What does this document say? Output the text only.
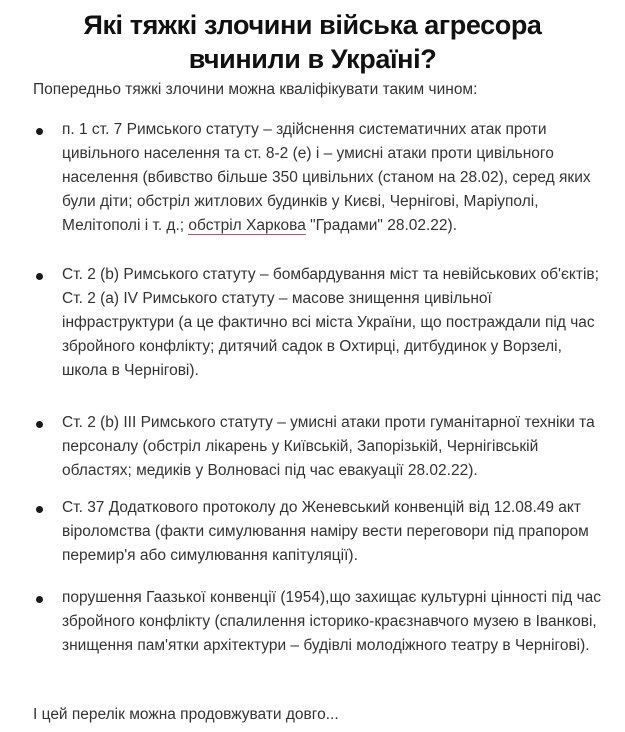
Які тяжкі злочини війська агресора вчинили в Україні?

Попередньо тяжкі злочини можна кваліфікувати таким чином:

п. 1 ст. 7 Римського статуту – здійснення систематичних атак проти цивільного населення та ст. 8-2 (е) і – умисні атаки проти цивільного населення (вбивство більше 350 цивільних (станом на 28.02), серед яких були діти; обстріл житлових будинків у Києві, Чернігові, Маріуполі, Мелітополі і т. д.; обстріл Харкова "Градами" 28.02.22).

Ст. 2 (b) Римського статуту – бомбардування міст та невійськових об'єктів; Ст. 2 (а) IV Римського статуту – масове знищення цивільної інфраструктури (а це фактично всі міста України, що постраждали під час збройного конфлікту; дитячий садок в Охтирці, дитбудинок у Ворзелі, школа в Чернігові).

Ст. 2 (b) III Римського статуту – умисні атаки проти гуманітарної техніки та персоналу (обстріл лікарень у Київській, Запорізькій, Чернігівській областях; медиків у Волновасі під час евакуації 28.02.22).

Ст. 37 Додаткового протоколу до Женевський конвенцій від 12.08.49 акт віроломства (факти симулювання наміру вести переговори під прапором перемир'я або симулювання капітуляції).

порушення Гаазької конвенції (1954),що захищає культурні цінності під час збройного конфлікту (спалилення історико-краєзнавчого музею в Іванкові, знищення пам'ятки архітектури – будівлі молодіжного театру в Чернігові).

І цей перелік можна продовжувати довго...
